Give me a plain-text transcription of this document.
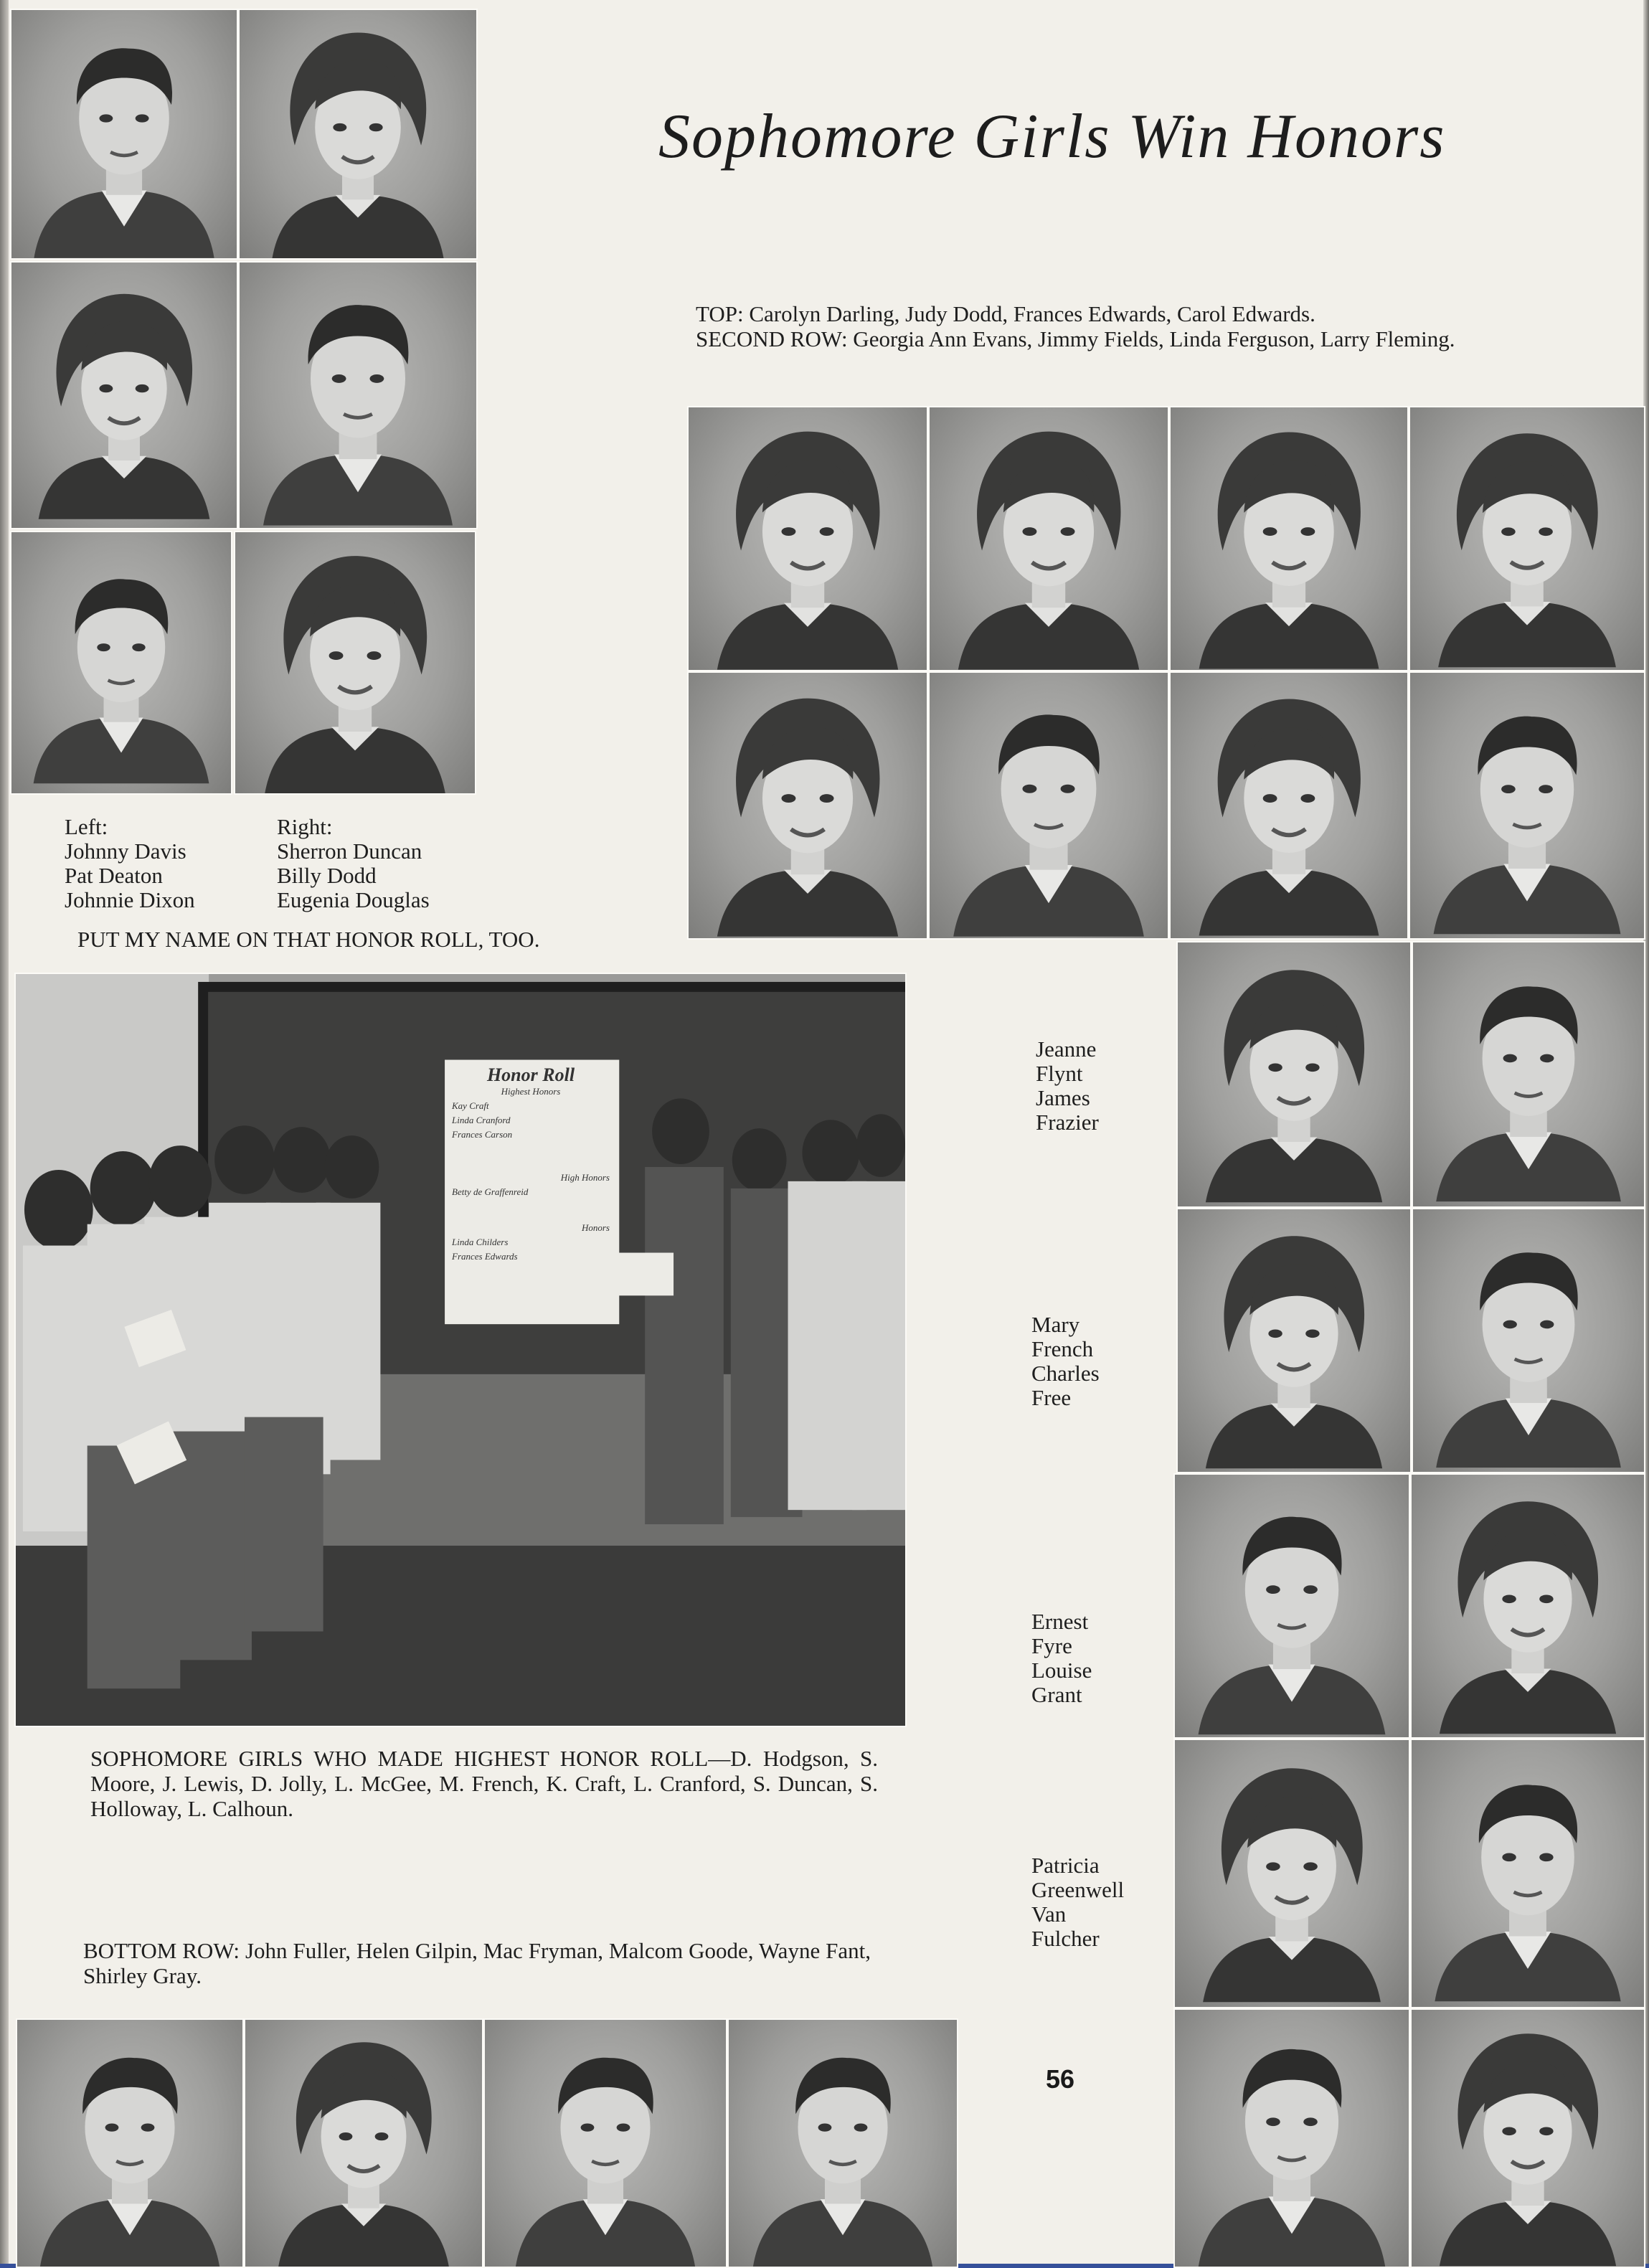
Sophomore Girls Win Honors
TOP: Carolyn Darling, Judy Dodd, Frances Edwards, Carol Edwards.
SECOND ROW: Georgia Ann Evans, Jimmy Fields, Linda Ferguson, Larry Fleming.
Left:
Johnny Davis
Pat Deaton
Johnnie Dixon
Right:
Sherron Duncan
Billy Dodd
Eugenia Douglas
PUT MY NAME ON THAT HONOR ROLL, TOO.
Honor Roll
Highest Honors
Kay Craft
Linda Cranford
Frances Carson
High Honors
Betty de Graffenreid
Honors
Linda Childers
Frances Edwards
SOPHOMORE GIRLS WHO MADE HIGHEST HONOR ROLL—D. Hodgson, S. Moore, J. Lewis, D. Jolly, L. McGee, M. French, K. Craft, L. Cranford, S. Duncan, S. Holloway, L. Calhoun.
BOTTOM ROW: John Fuller, Helen Gilpin, Mac Fryman, Malcom Goode, Wayne Fant, Shirley Gray.
Jeanne
Flynt
James
Frazier
Mary
French
Charles
Free
Ernest
Fyre
Louise
Grant
Patricia
Greenwell
Van
Fulcher
56
